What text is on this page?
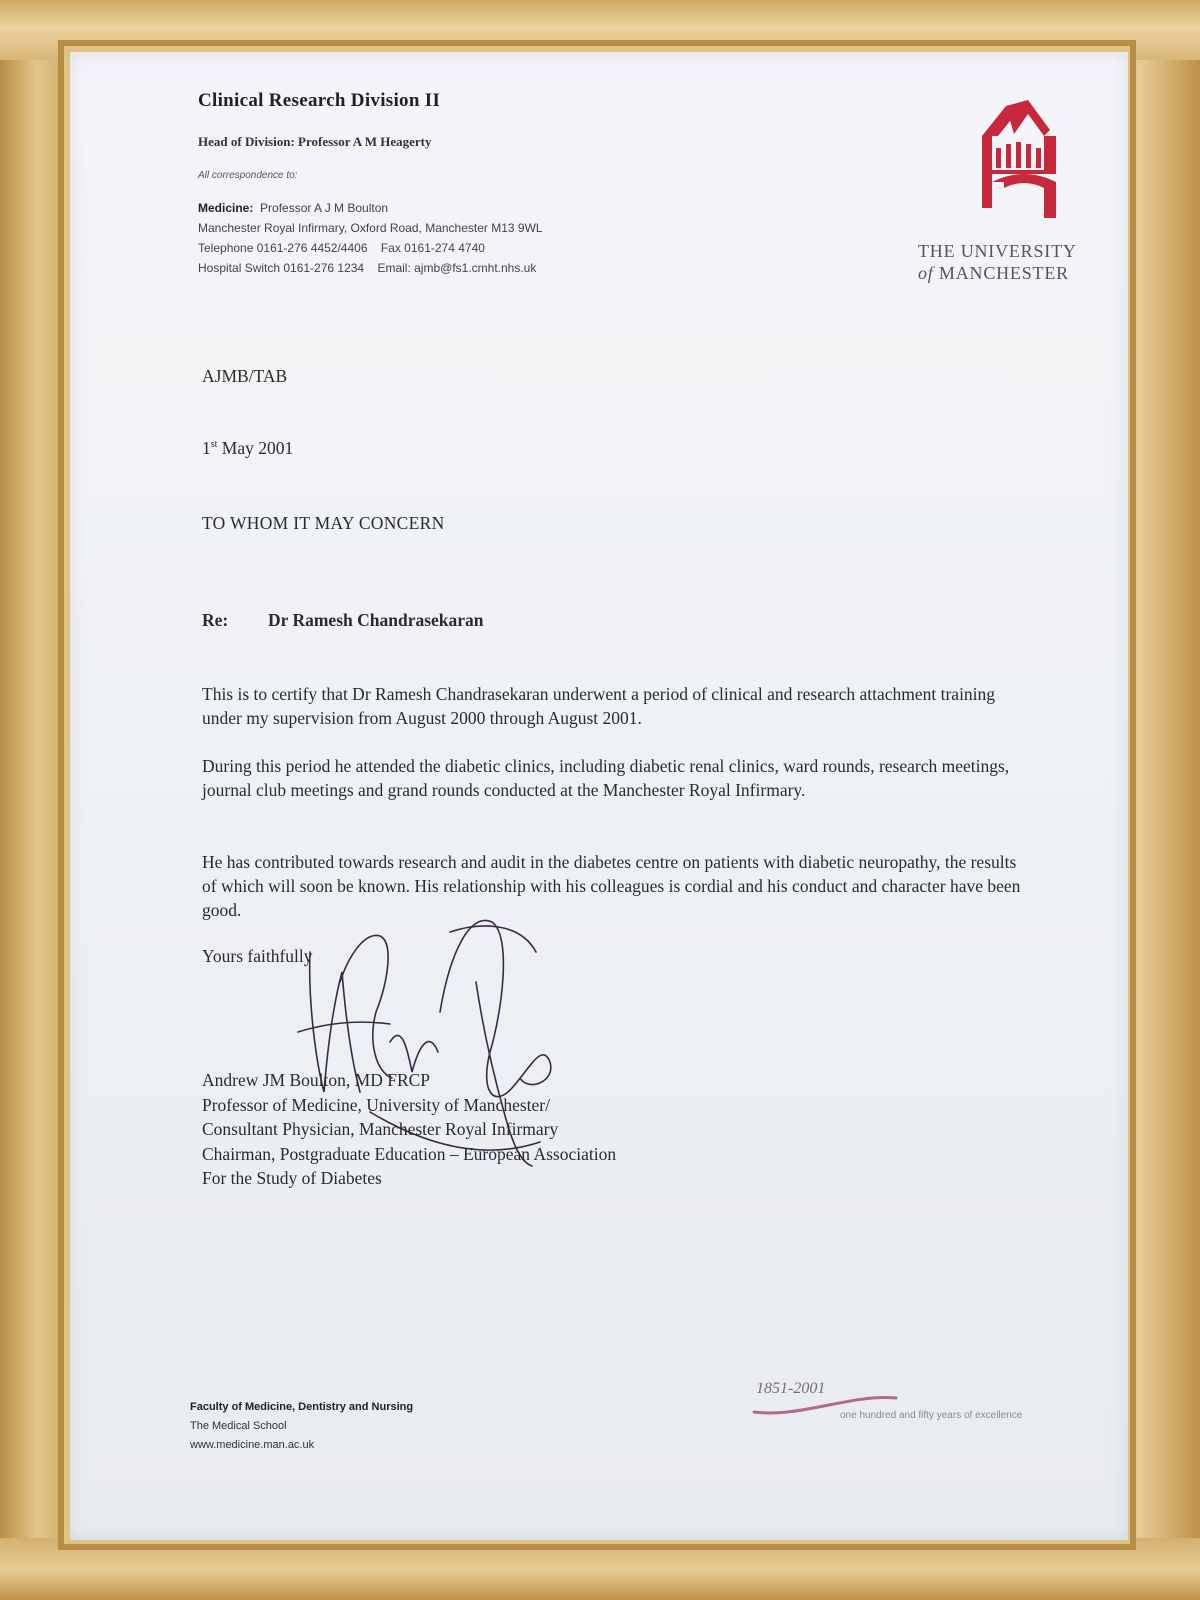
Clinical Research Division II
Head of Division: Professor A M Heagerty
All correspondence to:
Medicine: Professor A J M Boulton
Manchester Royal Infirmary, Oxford Road, Manchester M13 9WL
Telephone 0161-276 4452/4406 Fax 0161-274 4740
Hospital Switch 0161-276 1234 Email: ajmb@fs1.cmht.nhs.uk
THE UNIVERSITY
of MANCHESTER
AJMB/TAB
1st May 2001
TO WHOM IT MAY CONCERN
Re: Dr Ramesh Chandrasekaran
This is to certify that Dr Ramesh Chandrasekaran underwent a period of clinical and research attachment training under my supervision from August 2000 through August 2001.
During this period he attended the diabetic clinics, including diabetic renal clinics, ward rounds, research meetings, journal club meetings and grand rounds conducted at the Manchester Royal Infirmary.
He has contributed towards research and audit in the diabetes centre on patients with diabetic neuropathy, the results of which will soon be known. His relationship with his colleagues is cordial and his conduct and character have been good.
Yours faithfully
Andrew JM Boulton, MD FRCP
Professor of Medicine, University of Manchester/
Consultant Physician, Manchester Royal Infirmary
Chairman, Postgraduate Education – European Association
For the Study of Diabetes
Faculty of Medicine, Dentistry and Nursing
The Medical School
www.medicine.man.ac.uk
1851-2001
one hundred and fifty years of excellence
